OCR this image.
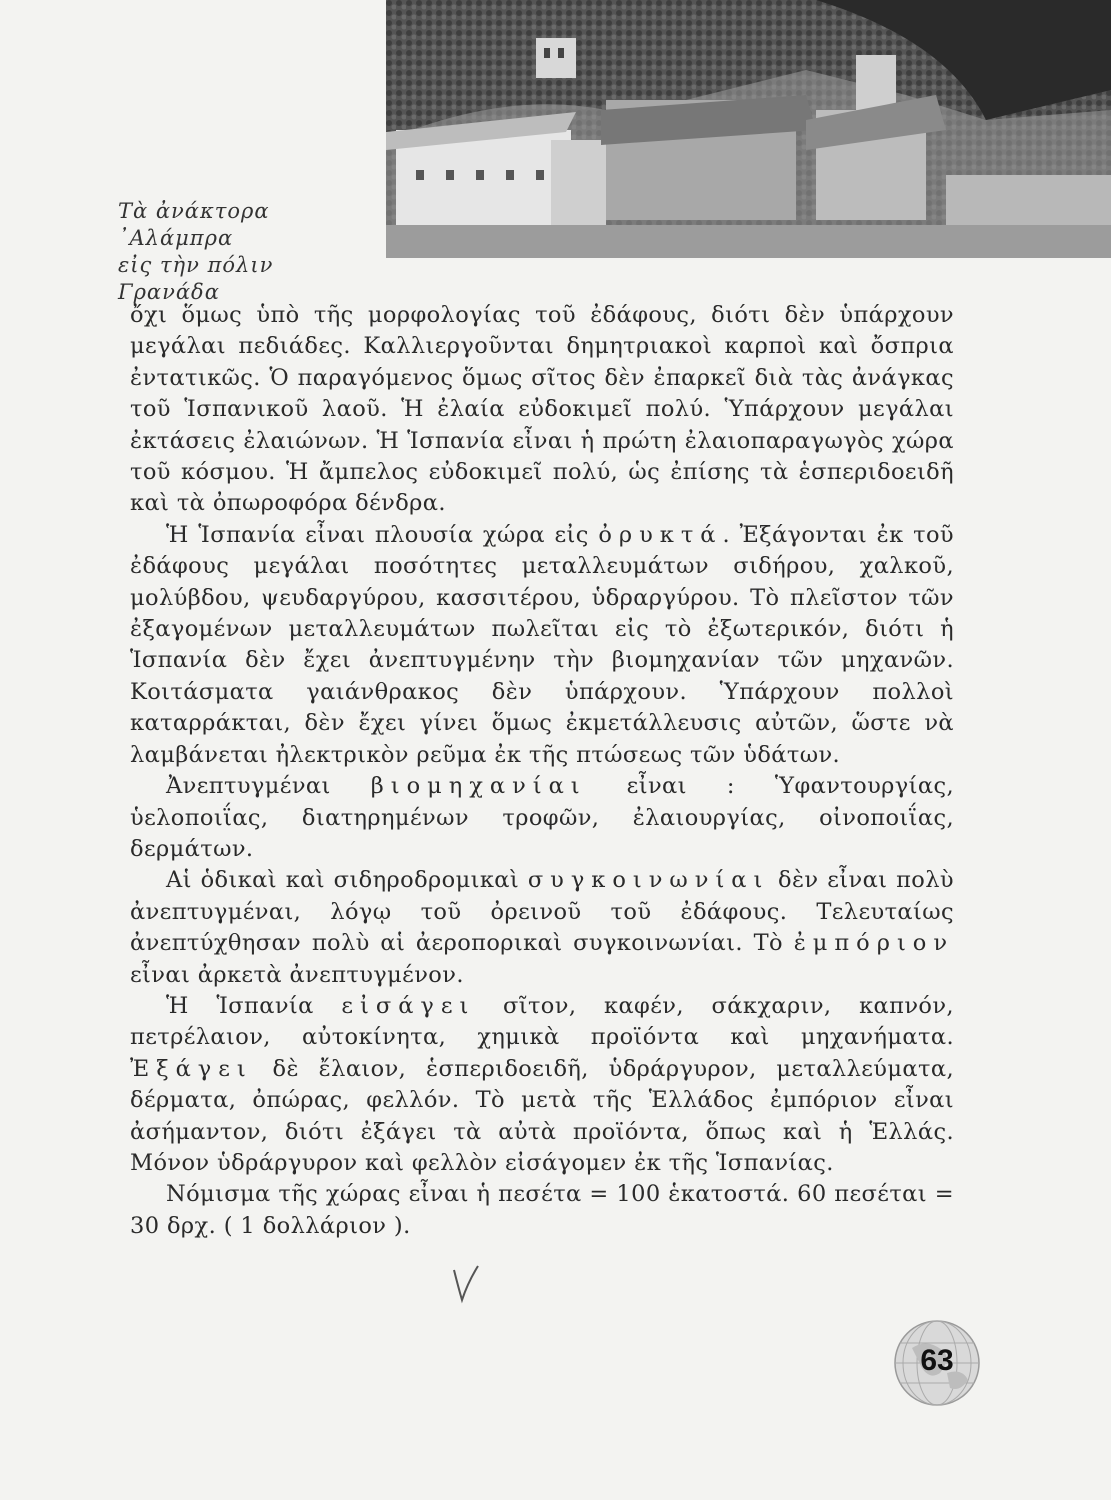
Τὰ ἀνάκτορα ᾿Αλάμπρα
εἰς τὴν πόλιν Γρανάδα

ὄχι ὅμως ὑπὸ τῆς μορφολογίας τοῦ ἐδάφους, διότι δὲν ὑπάρχουν μεγάλαι πεδιάδες. Καλλιεργοῦνται δημητριακοὶ καρποὶ καὶ ὄσπρια ἐντατικῶς. Ὁ παραγόμενος ὅμως σῖτος δὲν ἐπαρκεῖ διὰ τὰς ἀνάγκας τοῦ Ἱσπανικοῦ λαοῦ. Ἡ ἐλαία εὐδοκιμεῖ πολύ. Ὑπάρχουν μεγάλαι ἐκτάσεις ἐλαιώνων. Ἡ Ἱσπανία εἶναι ἡ πρώτη ἐλαιοπαραγωγὸς χώρα τοῦ κόσμου. Ἡ ἄμπελος εὐδοκιμεῖ πολύ, ὡς ἐπίσης τὰ ἑσπεριδοειδῆ καὶ τὰ ὀπωροφόρα δένδρα.

Ἡ Ἱσπανία εἶναι πλουσία χώρα εἰς ὀρυκτά. Ἐξάγονται ἐκ τοῦ ἐδάφους μεγάλαι ποσότητες μεταλλευμάτων σιδήρου, χαλκοῦ, μολύβδου, ψευδαργύρου, κασσιτέρου, ὑδραργύρου. Τὸ πλεῖστον τῶν ἐξαγομένων μεταλλευμάτων πωλεῖται εἰς τὸ ἐξωτερικόν, διότι ἡ Ἱσπανία δὲν ἔχει ἀνεπτυγμένην τὴν βιομηχανίαν τῶν μηχανῶν. Κοιτάσματα γαιάνθρακος δὲν ὑπάρχουν. Ὑπάρχουν πολλοὶ καταρράκται, δὲν ἔχει γίνει ὅμως ἐκμετάλλευσις αὐτῶν, ὥστε νὰ λαμβάνεται ἠλεκτρικὸν ρεῦμα ἐκ τῆς πτώσεως τῶν ὑδάτων.

Ἀνεπτυγμέναι βιομηχανίαι εἶναι : Ὑφαντουργίας, ὑελοποιΐας, διατηρημένων τροφῶν, ἐλαιουργίας, οἰνοποιΐας, δερμάτων.

Αἱ ὁδικαὶ καὶ σιδηροδρομικαὶ συγκοινωνίαι δὲν εἶναι πολὺ ἀνεπτυγμέναι, λόγῳ τοῦ ὀρεινοῦ τοῦ ἐδάφους. Τελευταίως ἀνεπτύχθησαν πολὺ αἱ ἀεροπορικαὶ συγκοινωνίαι. Τὸ ἐμπόριον εἶναι ἀρκετὰ ἀνεπτυγμένον.

Ἡ Ἱσπανία εἰσάγει σῖτον, καφέν, σάκχαριν, καπνόν, πετρέλαιον, αὐτοκίνητα, χημικὰ προϊόντα καὶ μηχανήματα. Ἐξάγει δὲ ἔλαιον, ἑσπεριδοειδῆ, ὑδράργυρον, μεταλλεύματα, δέρματα, ὀπώρας, φελλόν. Τὸ μετὰ τῆς Ἑλλάδος ἐμπόριον εἶναι ἀσήμαντον, διότι ἐξάγει τὰ αὐτὰ προϊόντα, ὅπως καὶ ἡ Ἑλλάς. Μόνον ὑδράργυρον καὶ φελλὸν εἰσάγομεν ἐκ τῆς Ἱσπανίας.

Νόμισμα τῆς χώρας εἶναι ἡ πεσέτα = 100 ἑκατοστά. 60 πεσέται = 30 δρχ. ( 1 δολλάριον ).

63
